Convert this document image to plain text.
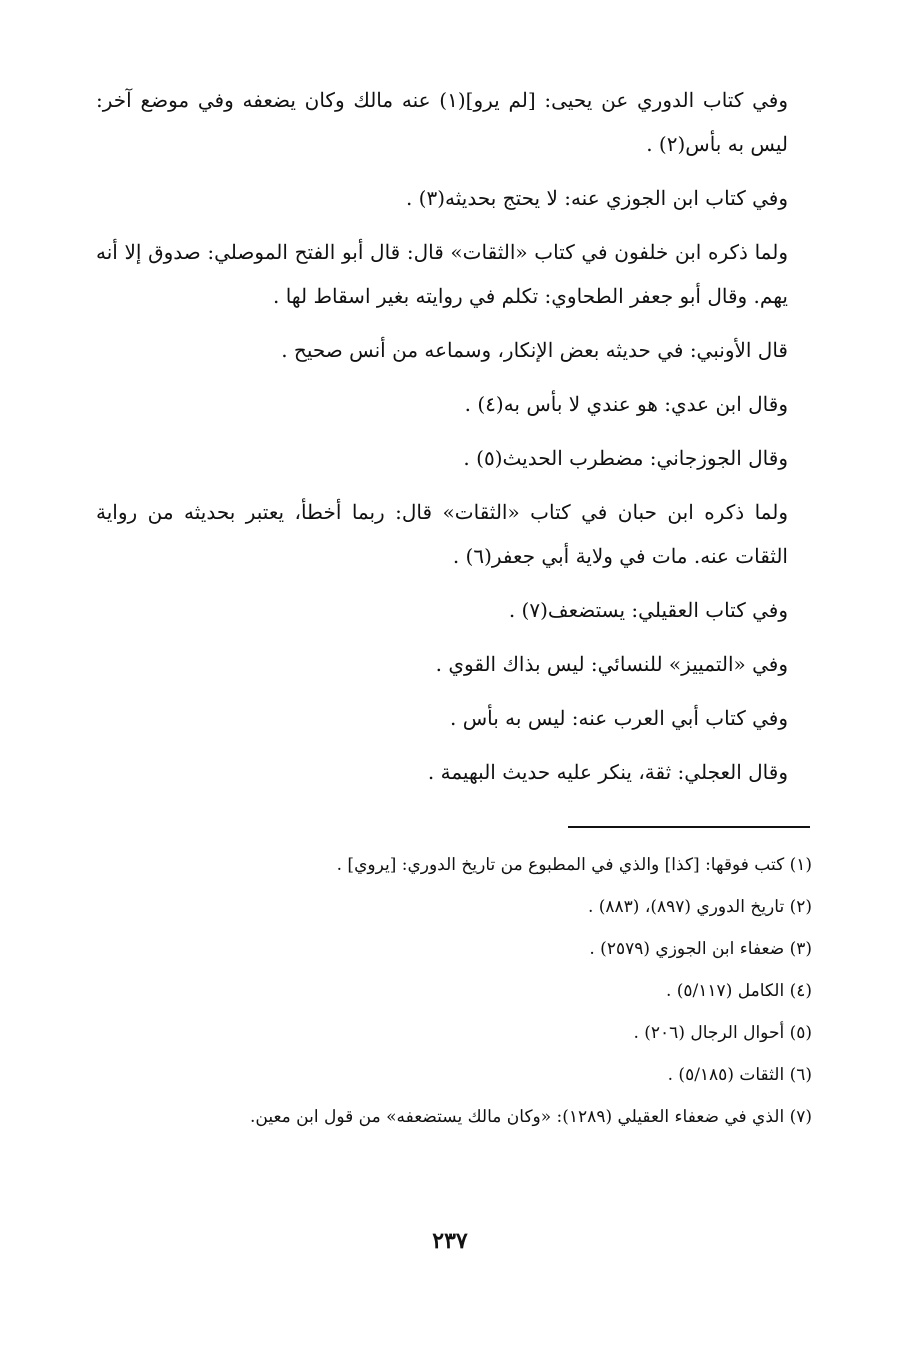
وفي كتاب الدوري عن يحيى: [لم يرو](١) عنه مالك وكان يضعفه وفي موضع آخر: ليس به بأس(٢) .

وفي كتاب ابن الجوزي عنه: لا يحتج بحديثه(٣) .

ولما ذكره ابن خلفون في كتاب «الثقات» قال: قال أبو الفتح الموصلي: صدوق إلا أنه يهم. وقال أبو جعفر الطحاوي: تكلم في روايته بغير اسقاط لها .

قال الأونبي: في حديثه بعض الإنكار، وسماعه من أنس صحيح .

وقال ابن عدي: هو عندي لا بأس به(٤) .

وقال الجوزجاني: مضطرب الحديث(٥) .

ولما ذكره ابن حبان في كتاب «الثقات» قال: ربما أخطأ، يعتبر بحديثه من رواية الثقات عنه. مات في ولاية أبي جعفر(٦) .

وفي كتاب العقيلي: يستضعف(٧) .

وفي «التمييز» للنسائي: ليس بذاك القوي .

وفي كتاب أبي العرب عنه: ليس به بأس .

وقال العجلي: ثقة، ينكر عليه حديث البهيمة .

(١) كتب فوقها: [كذا] والذي في المطبوع من تاريخ الدوري: [يروي] .

(٢) تاريخ الدوري (٨٩٧)، (٨٨٣) .

(٣) ضعفاء ابن الجوزي (٢٥٧٩) .

(٤) الكامل (٥/١١٧) .

(٥) أحوال الرجال (٢٠٦) .

(٦) الثقات (٥/١٨٥) .

(٧) الذي في ضعفاء العقيلي (١٢٨٩): «وكان مالك يستضعفه» من قول ابن معين.

٢٣٧
